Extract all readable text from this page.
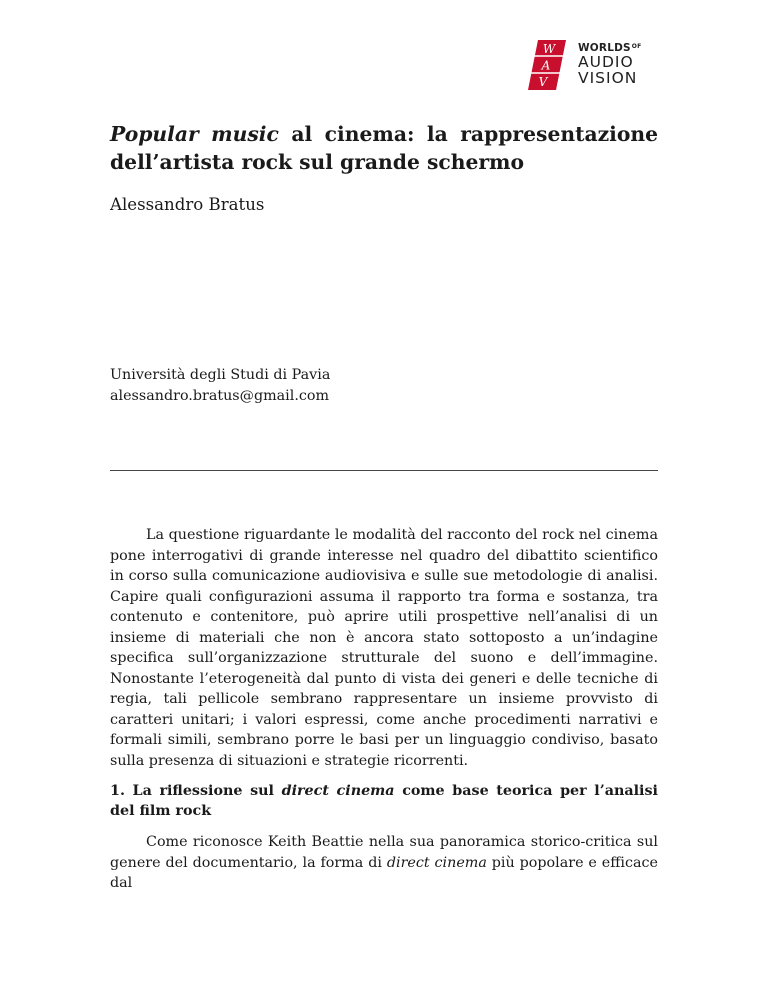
W
A
V
$WORLDS^{OF}$
AUDIO
VISION
Popular music al cinema: la rappresentazione dell’artista rock sul grande schermo

Alessandro Bratus

Università degli Studi di Pavia
alessandro.bratus@gmail.com

La questione riguardante le modalità del racconto del rock nel cinema pone interrogativi di grande interesse nel quadro del dibattito scientifico in corso sulla comunicazione audiovisiva e sulle sue metodologie di analisi. Capire quali configurazioni assuma il rapporto tra forma e sostanza, tra contenuto e contenitore, può aprire utili prospettive nell’analisi di un insieme di materiali che non è ancora stato sottoposto a un’indagine specifica sull’organizzazione strutturale del suono e dell’immagine. Nonostante l’eterogeneità dal punto di vista dei generi e delle tecniche di regia, tali pellicole sembrano rappresentare un insieme provvisto di caratteri unitari; i valori espressi, come anche procedimenti narrativi e formali simili, sembrano porre le basi per un linguaggio condiviso, basato sulla presenza di situazioni e strategie ricorrenti.

1. La riflessione sul direct cinema come base teorica per l’analisi del film rock

Come riconosce Keith Beattie nella sua panoramica storico-critica sul genere del documentario, la forma di direct cinema più popolare e efficace dal
